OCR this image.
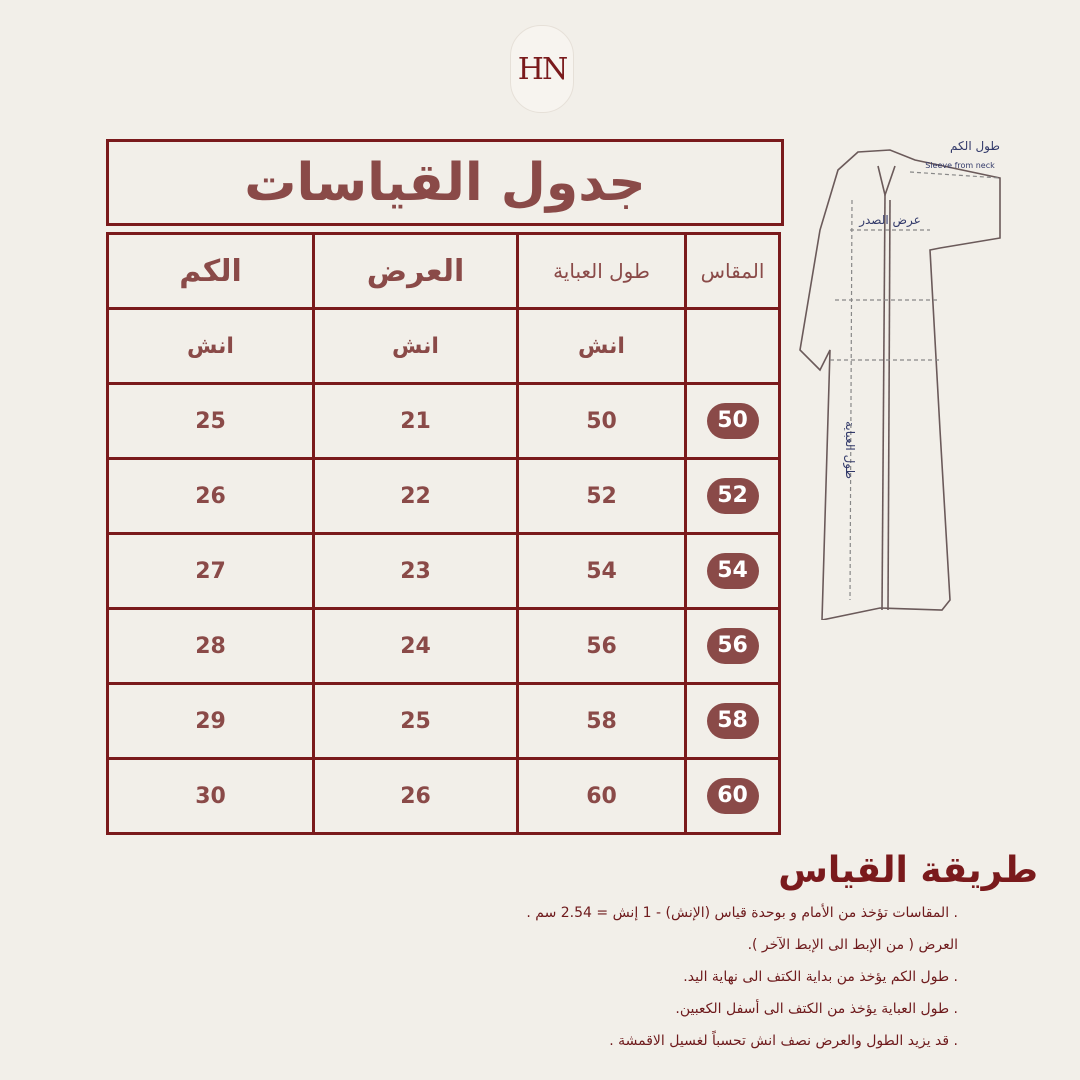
HN
جدول القياسات
الكم	العرض	طول العباية	المقاس
انش	انش	انش	
25	21	50	50
26	22	52	52
27	23	54	54
28	24	56	56
29	25	58	58
30	26	60	60
طول الكم
Sleeve from neck
عرض الصدر
طول العباية
طريقة القياس
. المقاسات تؤخذ من الأمام و بوحدة قياس (الإنش) - 1 إنش = 2.54 سم .
العرض ( من الإبط الى الإبط الآخر ).
. طول الكم يؤخذ من بداية الكتف الى نهاية اليد.
. طول العباية يؤخذ من الكتف الى أسفل الكعبين.
. قد يزيد الطول والعرض نصف انش تحسباً لغسيل الاقمشة .
